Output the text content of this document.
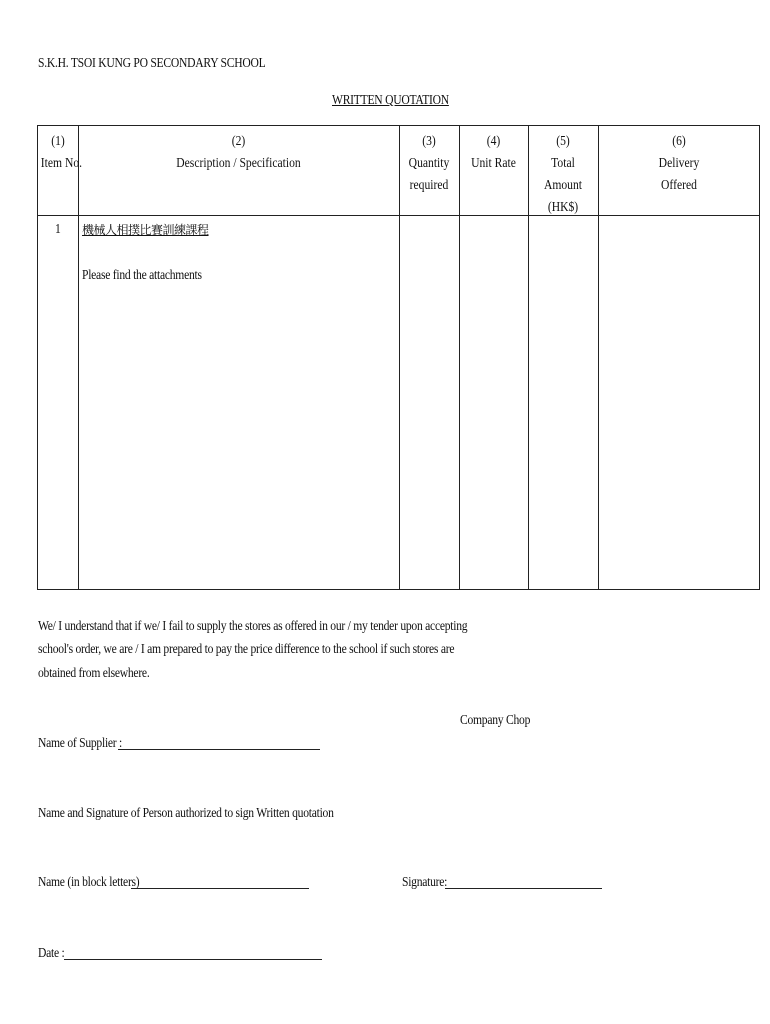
S.K.H. TSOI KUNG PO SECONDARY SCHOOL
WRITTEN QUOTATION
(1)
Item No.
(2)
Description / Specification
(3)
Quantity
required
(4)
Unit Rate
(5)
Total
Amount
(HK$)
(6)
Delivery
Offered
1 機械人相撲比賽訓練課程
Please find the attachments
We/ I understand that if we/ I fail to supply the stores as offered in our / my tender upon accepting
school's order, we are / I am prepared to pay the price difference to the school if such stores are
obtained from elsewhere.
Company Chop
Name of Supplier :
Name and Signature of Person authorized to sign Written quotation
Name (in block letters)	Signature:
Date :
